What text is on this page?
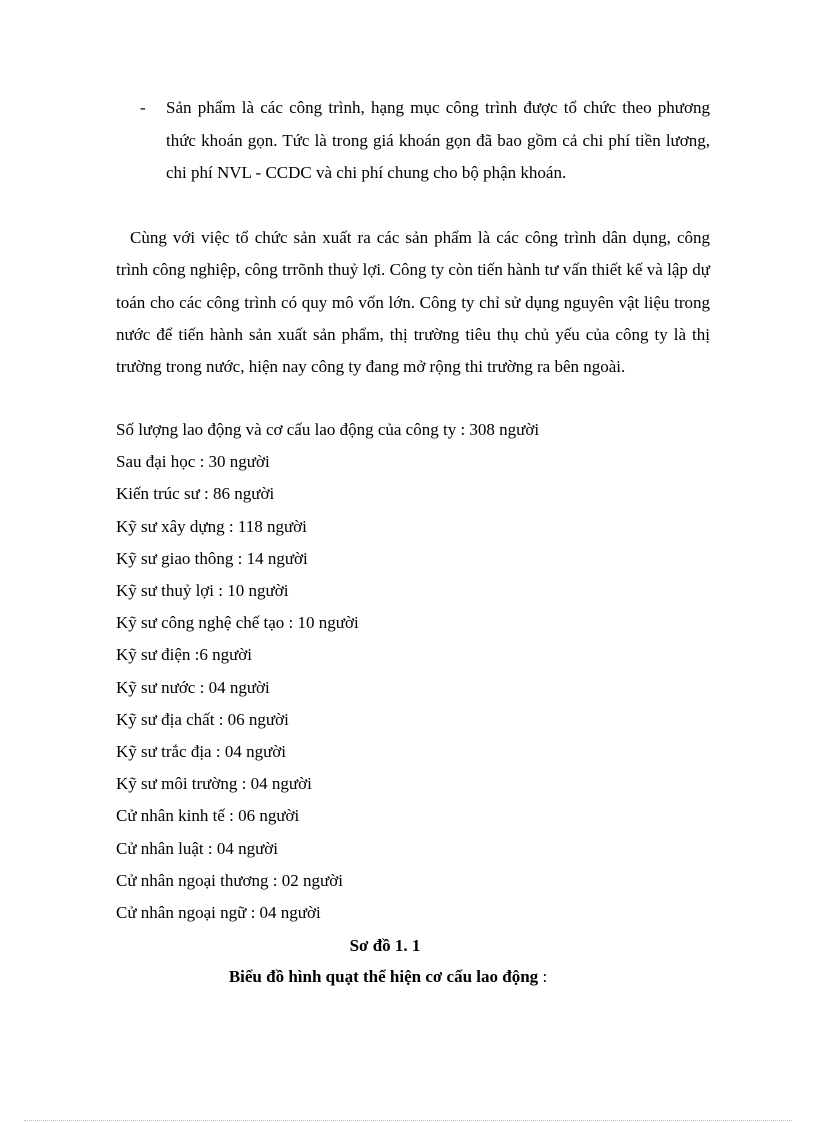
- Sản phẩm là các công trình, hạng mục công trình được tổ chức theo phương thức khoán gọn. Tức là trong giá khoán gọn đã bao gồm cả chi phí tiền lương, chi phí NVL - CCDC và chi phí chung cho bộ phận khoán.
Cùng với việc tổ chức sản xuất ra các sản phẩm là các công trình dân dụng, công trình công nghiệp, công trrõnh thuỷ lợi. Công ty còn tiến hành tư vấn thiết kế và lập dự toán cho các công trình có quy mô vốn lớn. Công ty chỉ sử dụng nguyên vật liệu trong nước để tiến hành sản xuất sản phẩm, thị trường tiêu thụ chủ yếu của công ty là thị trường trong nước, hiện nay công ty đang mở rộng thi trường ra bên ngoài.
Số lượng lao động và cơ cấu lao động của công ty : 308 người
Sau đại học : 30 người
Kiến trúc sư : 86 người
Kỹ sư xây dựng : 118 người
Kỹ sư giao thông : 14 người
Kỹ sư thuỷ lợi : 10 người
Kỹ sư công nghệ chế tạo : 10 người
Kỹ sư điện :6 người
Kỹ sư nước : 04 người
Kỹ sư địa chất : 06 người
Kỹ sư trắc địa : 04 người
Kỹ sư môi trường : 04 người
Cử nhân kinh tế : 06 người
Cử nhân luật : 04 người
Cử nhân ngoại thương : 02 người
Cử nhân ngoại ngữ : 04 người
Sơ đồ 1. 1
Biểu đồ hình quạt thể hiện cơ cấu lao động :
